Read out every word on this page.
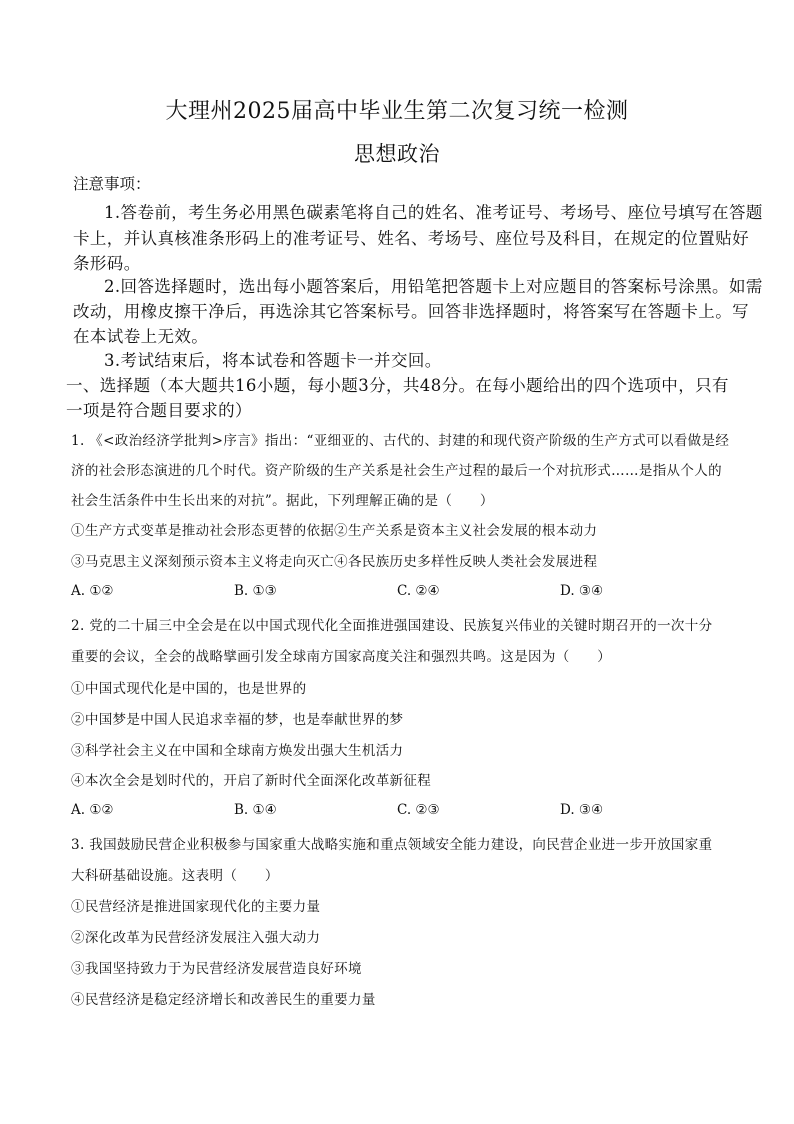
大理州2025届高中毕业生第二次复习统一检测
思想政治
注意事项：
1.答卷前，考生务必用黑色碳素笔将自己的姓名、准考证号、考场号、座位号填写在答题
卡上，并认真核准条形码上的准考证号、姓名、考场号、座位号及科目，在规定的位置贴好
条形码。
2.回答选择题时，选出每小题答案后，用铅笔把答题卡上对应题目的答案标号涂黑。如需
改动，用橡皮擦干净后，再选涂其它答案标号。回答非选择题时，将答案写在答题卡上。写
在本试卷上无效。
3.考试结束后，将本试卷和答题卡一并交回。
一、选择题（本大题共16小题，每小题3分，共48分。在每小题给出的四个选项中，只有
一项是符合题目要求的）
1. 《<政治经济学批判>序言》指出：“亚细亚的、古代的、封建的和现代资产阶级的生产方式可以看做是经
济的社会形态演进的几个时代。资产阶级的生产关系是社会生产过程的最后一个对抗形式……是指从个人的
社会生活条件中生长出来的对抗”。据此，下列理解正确的是（　　）
①生产方式变革是推动社会形态更替的依据②生产关系是资本主义社会发展的根本动力
③马克思主义深刻预示资本主义将走向灭亡④各民族历史多样性反映人类社会发展进程
A. ①②	B. ①③	C. ②④	D. ③④
2. 党的二十届三中全会是在以中国式现代化全面推进强国建设、民族复兴伟业的关键时期召开的一次十分
重要的会议，全会的战略擘画引发全球南方国家高度关注和强烈共鸣。这是因为（　　）
①中国式现代化是中国的，也是世界的
②中国梦是中国人民追求幸福的梦，也是奉献世界的梦
③科学社会主义在中国和全球南方焕发出强大生机活力
④本次全会是划时代的，开启了新时代全面深化改革新征程
A. ①②	B. ①④	C. ②③	D. ③④
3. 我国鼓励民营企业积极参与国家重大战略实施和重点领域安全能力建设，向民营企业进一步开放国家重
大科研基础设施。这表明（　　）
①民营经济是推进国家现代化的主要力量
②深化改革为民营经济发展注入强大动力
③我国坚持致力于为民营经济发展营造良好环境
④民营经济是稳定经济增长和改善民生的重要力量
